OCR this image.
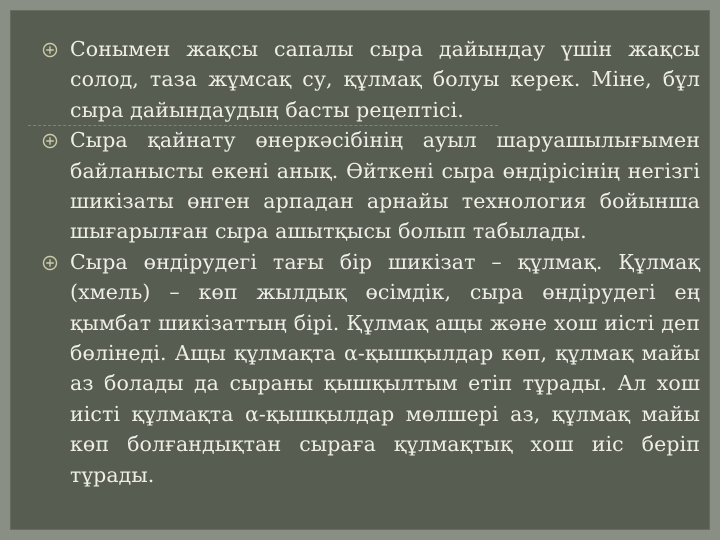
Сонымен жақсы сапалы сыра дайындау үшін жақсы солод, таза жұмсақ су, құлмақ болуы керек. Міне, бұл сыра дайындаудың басты рецептісі.
Сыра қайнату өнеркәсібінің ауыл шаруашылығымен байланысты екені анық. Өйткені сыра өндірісінің негізгі шикізаты өнген арпадан арнайы технология бойынша шығарылған сыра ашытқысы болып табылады.
Сыра өндірудегі тағы бір шикізат – құлмақ. Құлмақ (хмель) – көп жылдық өсімдік, сыра өндірудегі ең қымбат шикізаттың бірі. Құлмақ ащы және хош иісті деп бөлінеді. Ащы құлмақта α-қышқылдар көп, құлмақ майы аз болады да сыраны қышқылтым етіп тұрады. Ал хош иісті құлмақта α-қышқылдар мөлшері аз, құлмақ майы көп болғандықтан сыраға құлмақтық хош иіс беріп тұрады.
